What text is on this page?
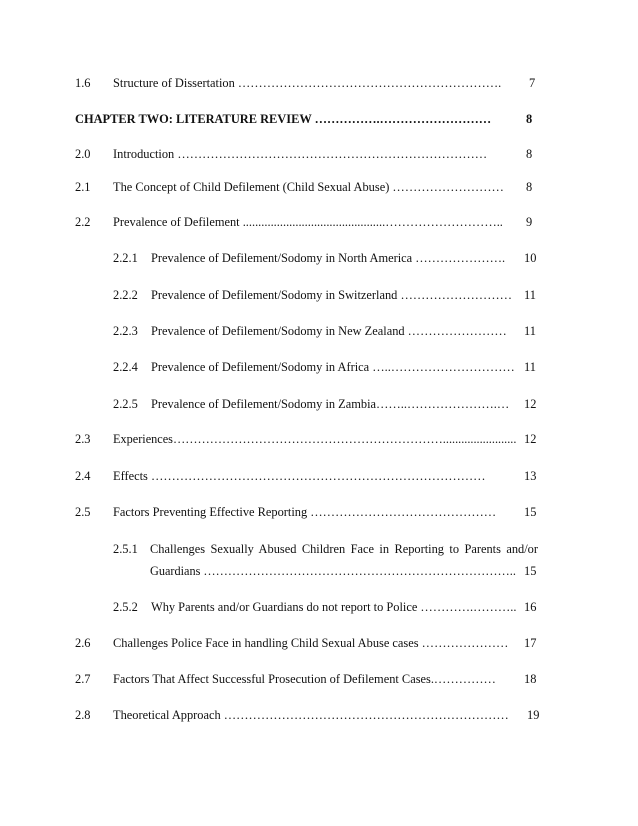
1.6 Structure of Dissertation ………………………………………………………. 7
CHAPTER TWO: LITERATURE REVIEW …………….………………………	8
2.0 Introduction …………………………………………………………………	8
2.1 The Concept of Child Defilement (Child Sexual Abuse) ……………………… 8
2.2 Prevalence of Defilement ..............................................……………………….. 9
2.2.1 Prevalence of Defilement/Sodomy in North America …………………. 10
2.2.2 Prevalence of Defilement/Sodomy in Switzerland ……………………… 11
2.2.3 Prevalence of Defilement/Sodomy in New Zealand …………………… 11
2.2.4 Prevalence of Defilement/Sodomy in Africa …..………………………… 11
2.2.5 Prevalence of Defilement/Sodomy in Zambia……..………………….… 12
2.3 Experiences…………………………………………………………........................ 12
2.4 Effects ………………………………………………………………………	13
2.5 Factors Preventing Effective Reporting ……………………………………… 15
2.5.1 Challenges Sexually Abused Children Face in Reporting to Parents and/or
Guardians ………………………………………………………………….. 15
2.5.2 Why Parents and/or Guardians do not report to Police ………….……….. 16
2.6 Challenges Police Face in handling Child Sexual Abuse cases ………………… 17
2.7 Factors That Affect Successful Prosecution of Defilement Cases.…………… 18
2.8 Theoretical Approach …………………………………………………………… 19
